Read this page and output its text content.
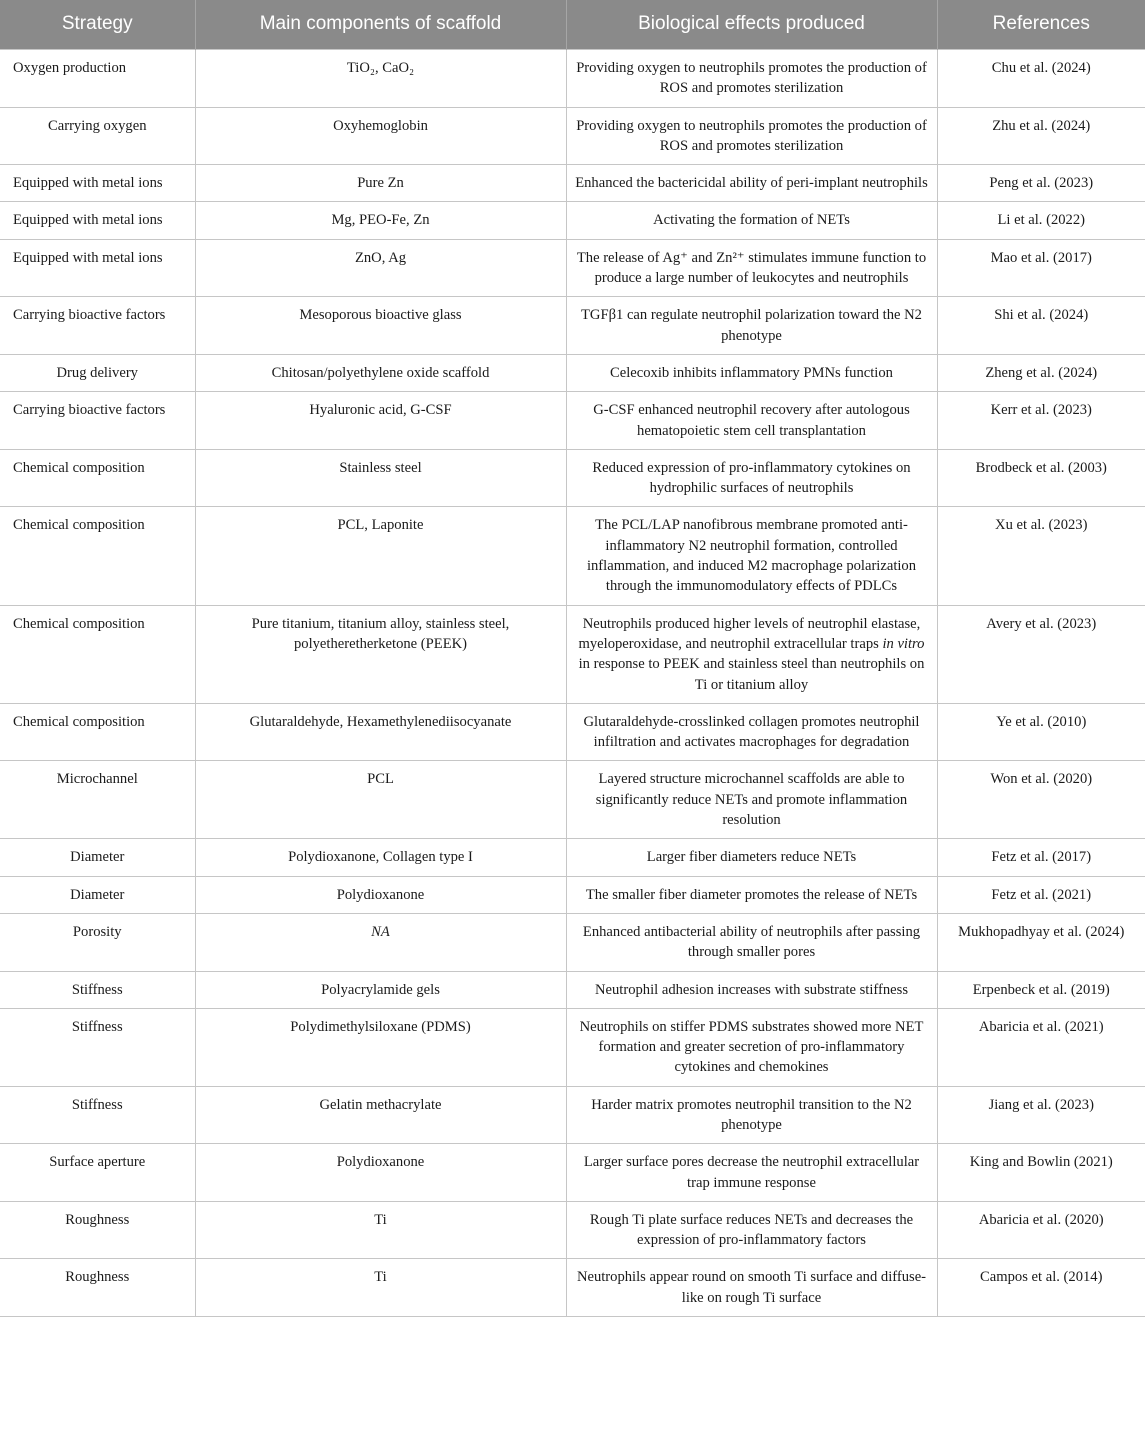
Strategy	Main components of scaffold	Biological effects produced	References
Oxygen production	TiO₂, CaO₂	Providing oxygen to neutrophils promotes the production of ROS and promotes sterilization	Chu et al. (2024)
Carrying oxygen	Oxyhemoglobin	Providing oxygen to neutrophils promotes the production of ROS and promotes sterilization	Zhu et al. (2024)
Equipped with metal ions	Pure Zn	Enhanced the bactericidal ability of peri-implant neutrophils	Peng et al. (2023)
Equipped with metal ions	Mg, PEO-Fe, Zn	Activating the formation of NETs	Li et al. (2022)
Equipped with metal ions	ZnO, Ag	The release of Ag⁺ and Zn²⁺ stimulates immune function to produce a large number of leukocytes and neutrophils	Mao et al. (2017)
Carrying bioactive factors	Mesoporous bioactive glass	TGFβ1 can regulate neutrophil polarization toward the N2 phenotype	Shi et al. (2024)
Drug delivery	Chitosan/polyethylene oxide scaffold	Celecoxib inhibits inflammatory PMNs function	Zheng et al. (2024)
Carrying bioactive factors	Hyaluronic acid, G-CSF	G-CSF enhanced neutrophil recovery after autologous hematopoietic stem cell transplantation	Kerr et al. (2023)
Chemical composition	Stainless steel	Reduced expression of pro-inflammatory cytokines on hydrophilic surfaces of neutrophils	Brodbeck et al. (2003)
Chemical composition	PCL, Laponite	The PCL/LAP nanofibrous membrane promoted anti-inflammatory N2 neutrophil formation, controlled inflammation, and induced M2 macrophage polarization through the immunomodulatory effects of PDLCs	Xu et al. (2023)
Chemical composition	Pure titanium, titanium alloy, stainless steel, polyetheretherketone (PEEK)	Neutrophils produced higher levels of neutrophil elastase, myeloperoxidase, and neutrophil extracellular traps in vitro in response to PEEK and stainless steel than neutrophils on Ti or titanium alloy	Avery et al. (2023)
Chemical composition	Glutaraldehyde, Hexamethylenediisocyanate	Glutaraldehyde-crosslinked collagen promotes neutrophil infiltration and activates macrophages for degradation	Ye et al. (2010)
Microchannel	PCL	Layered structure microchannel scaffolds are able to significantly reduce NETs and promote inflammation resolution	Won et al. (2020)
Diameter	Polydioxanone, Collagen type I	Larger fiber diameters reduce NETs	Fetz et al. (2017)
Diameter	Polydioxanone	The smaller fiber diameter promotes the release of NETs	Fetz et al. (2021)
Porosity	NA	Enhanced antibacterial ability of neutrophils after passing through smaller pores	Mukhopadhyay et al. (2024)
Stiffness	Polyacrylamide gels	Neutrophil adhesion increases with substrate stiffness	Erpenbeck et al. (2019)
Stiffness	Polydimethylsiloxane (PDMS)	Neutrophils on stiffer PDMS substrates showed more NET formation and greater secretion of pro-inflammatory cytokines and chemokines	Abaricia et al. (2021)
Stiffness	Gelatin methacrylate	Harder matrix promotes neutrophil transition to the N2 phenotype	Jiang et al. (2023)
Surface aperture	Polydioxanone	Larger surface pores decrease the neutrophil extracellular trap immune response	King and Bowlin (2021)
Roughness	Ti	Rough Ti plate surface reduces NETs and decreases the expression of pro-inflammatory factors	Abaricia et al. (2020)
Roughness	Ti	Neutrophils appear round on smooth Ti surface and diffuse-like on rough Ti surface	Campos et al. (2014)
